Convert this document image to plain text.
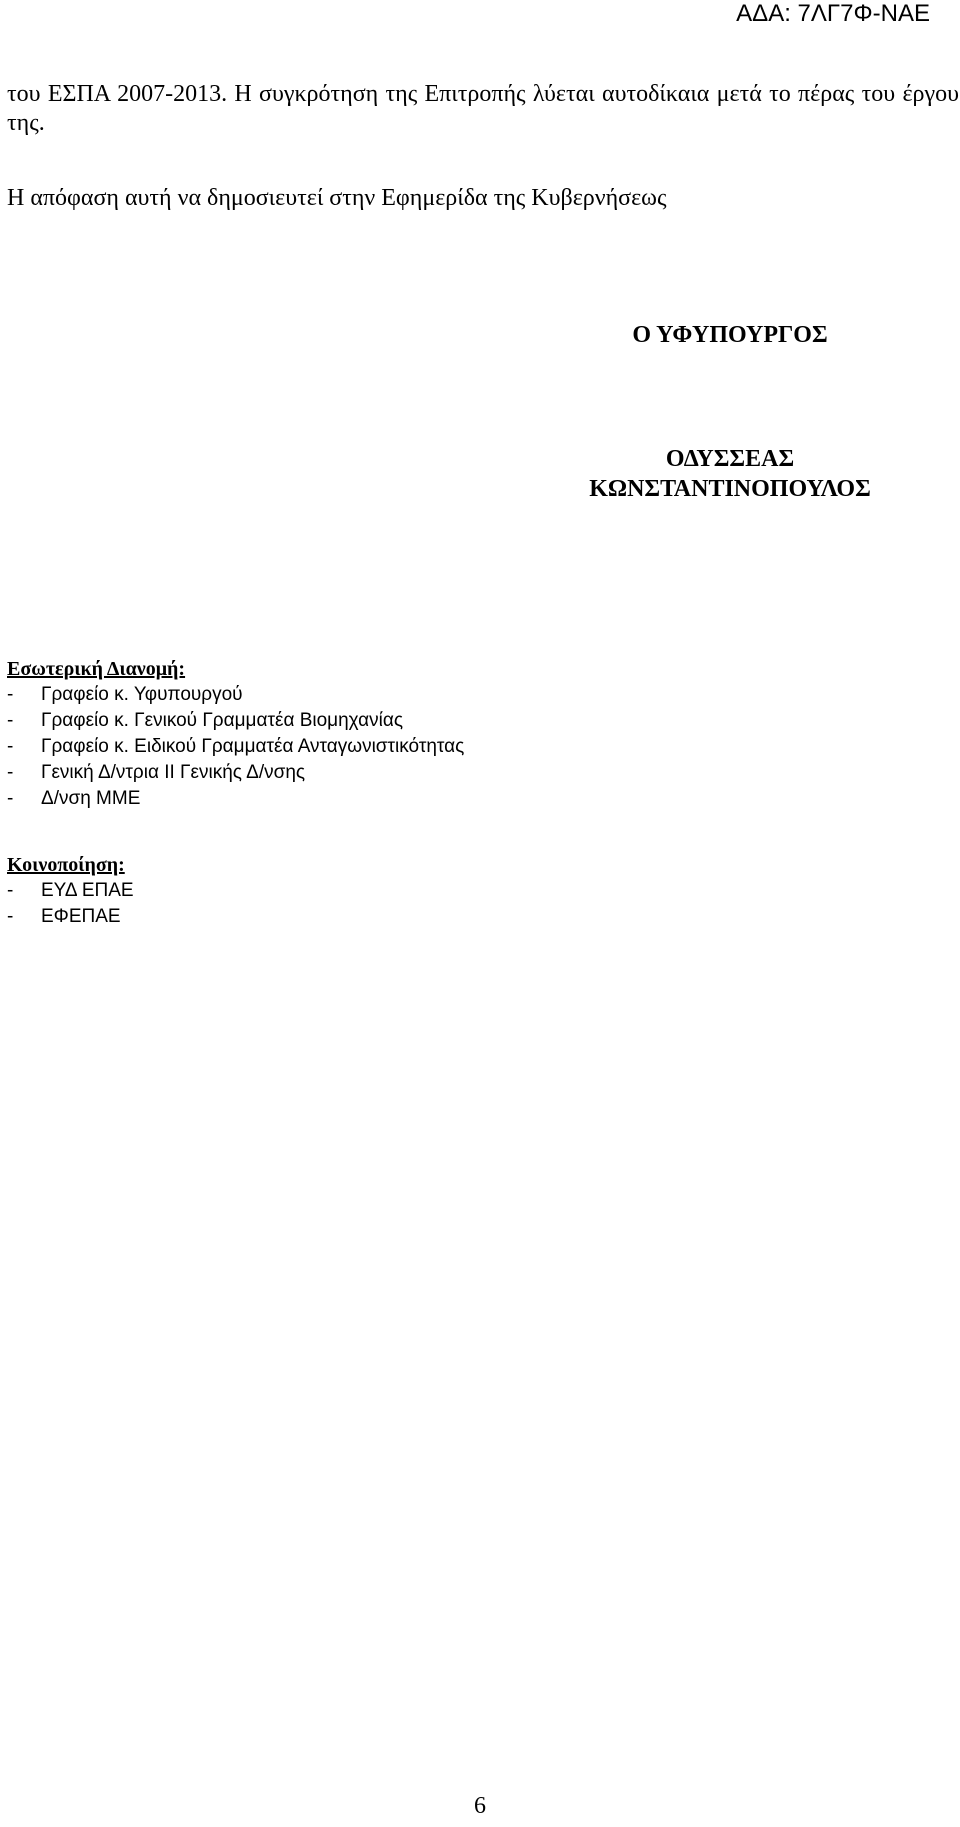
ΑΔΑ: 7ΛΓ7Φ-ΝΑΕ
του ΕΣΠΑ 2007-2013. Η συγκρότηση της Επιτροπής λύεται αυτοδίκαια μετά το πέρας του έργου της.
Η απόφαση αυτή να δημοσιευτεί στην Εφημερίδα της Κυβερνήσεως
Ο ΥΦΥΠΟΥΡΓΟΣ
ΟΔΥΣΣΕΑΣ
ΚΩΝΣΤΑΝΤΙΝΟΠΟΥΛΟΣ
Εσωτερική Διανομή:
-	Γραφείο κ. Υφυπουργού
-	Γραφείο κ. Γενικού Γραμματέα Βιομηχανίας
-	Γραφείο κ. Ειδικού Γραμματέα Ανταγωνιστικότητας
-	Γενική Δ/ντρια ΙΙ Γενικής Δ/νσης
-	Δ/νση ΜΜΕ
Κοινοποίηση:
-	ΕΥΔ ΕΠΑΕ
-	ΕΦΕΠΑΕ
6
